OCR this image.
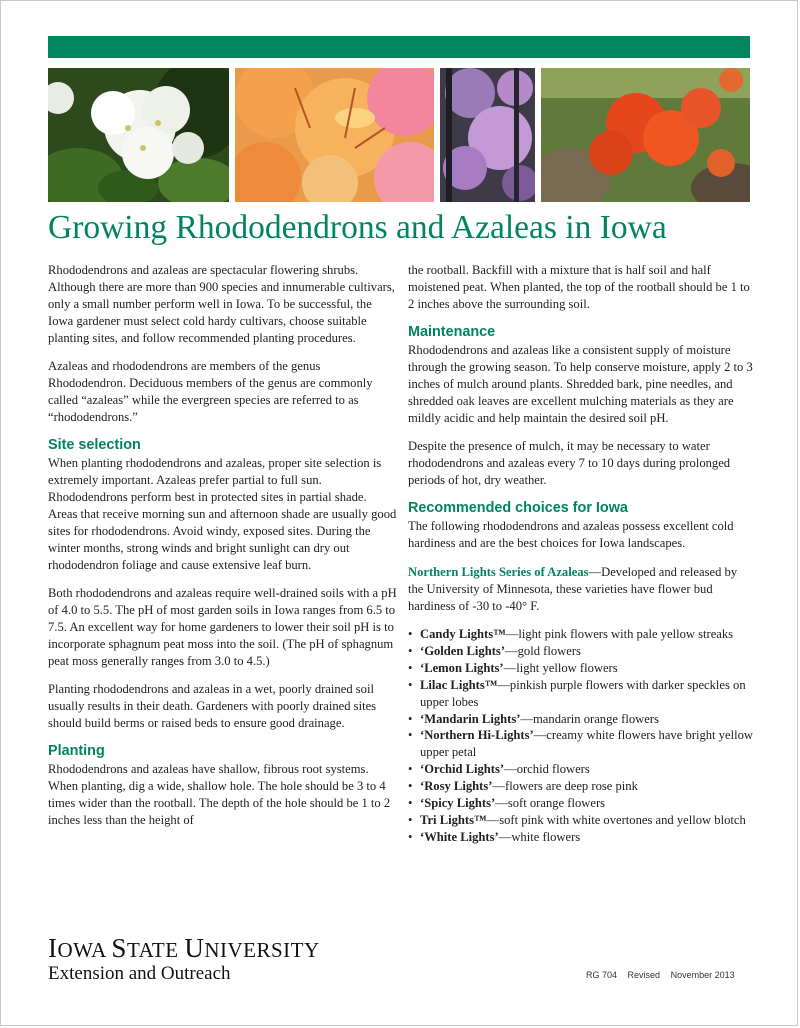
Growing Rhododendrons and Azaleas in Iowa

Rhododendrons and azaleas are spectacular flowering shrubs. Although there are more than 900 species and innumerable cultivars, only a small number perform well in Iowa. To be successful, the Iowa gardener must select cold hardy cultivars, choose suitable planting sites, and follow recommended planting procedures.

Azaleas and rhododendrons are members of the genus Rhododendron. Deciduous members of the genus are commonly called “azaleas” while the evergreen species are referred to as “rhododendrons.”

Site selection

When planting rhododendrons and azaleas, proper site selection is extremely important. Azaleas prefer partial to full sun. Rhododendrons perform best in protected sites in partial shade. Areas that receive morning sun and afternoon shade are usually good sites for rhododendrons. Avoid windy, exposed sites. During the winter months, strong winds and bright sunlight can dry out rhododendron foliage and cause extensive leaf burn.

Both rhododendrons and azaleas require well-drained soils with a pH of 4.0 to 5.5. The pH of most garden soils in Iowa ranges from 6.5 to 7.5. An excellent way for home gardeners to lower their soil pH is to incorporate sphagnum peat moss into the soil. (The pH of sphagnum peat moss generally ranges from 3.0 to 4.5.)

Planting rhododendrons and azaleas in a wet, poorly drained soil usually results in their death. Gardeners with poorly drained sites should build berms or raised beds to ensure good drainage.

Planting

Rhododendrons and azaleas have shallow, fibrous root systems. When planting, dig a wide, shallow hole. The hole should be 3 to 4 times wider than the rootball. The depth of the hole should be 1 to 2 inches less than the height of

the rootball. Backfill with a mixture that is half soil and half moistened peat. When planted, the top of the rootball should be 1 to 2 inches above the surrounding soil.

Maintenance

Rhododendrons and azaleas like a consistent supply of moisture through the growing season. To help conserve moisture, apply 2 to 3 inches of mulch around plants. Shredded bark, pine needles, and shredded oak leaves are excellent mulching materials as they are mildly acidic and help maintain the desired soil pH.

Despite the presence of mulch, it may be necessary to water rhododendrons and azaleas every 7 to 10 days during prolonged periods of hot, dry weather.

Recommended choices for Iowa

The following rhododendrons and azaleas possess excellent cold hardiness and are the best choices for Iowa landscapes.

Northern Lights Series of Azaleas—Developed and released by the University of Minnesota, these varieties have flower bud hardiness of -30 to -40° F.

• Candy Lights™—light pink flowers with pale yellow streaks
• ‘Golden Lights’—gold flowers
• ‘Lemon Lights’—light yellow flowers
• Lilac Lights™—pinkish purple flowers with darker speckles on upper lobes
• ‘Mandarin Lights’—mandarin orange flowers
• ‘Northern Hi-Lights’—creamy white flowers have bright yellow upper petal
• ‘Orchid Lights’—orchid flowers
• ‘Rosy Lights’—flowers are deep rose pink
• ‘Spicy Lights’—soft orange flowers
• Tri Lights™—soft pink with white overtones and yellow blotch
• ‘White Lights’—white flowers
IOWA STATE UNIVERSITY
Extension and Outreach	RG 704 Revised November 2013
